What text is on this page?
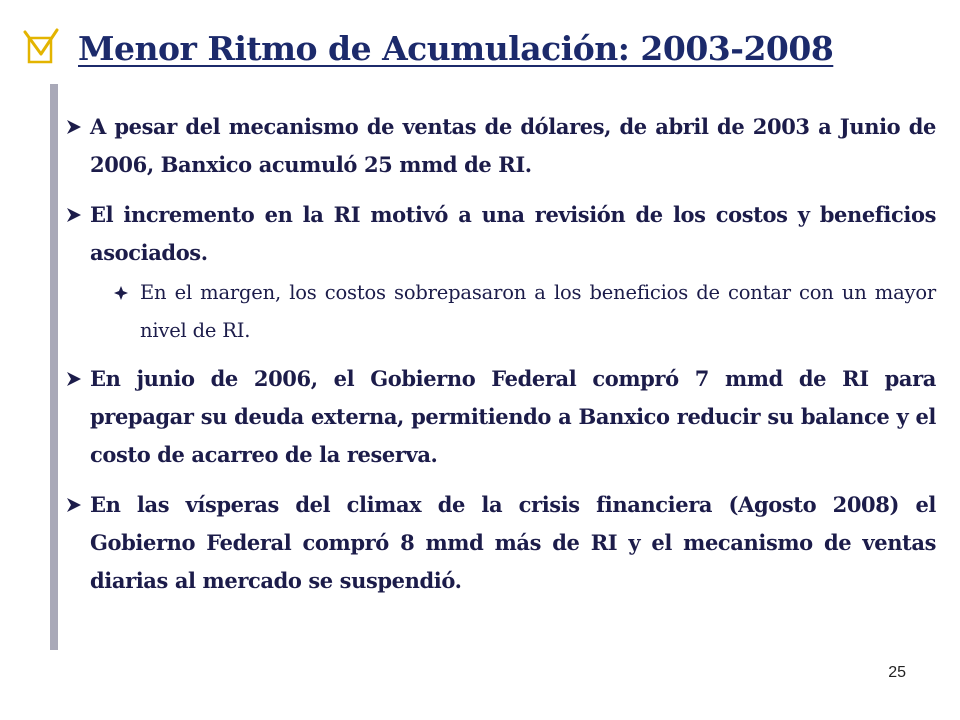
Menor Ritmo de Acumulación: 2003-2008
A pesar del mecanismo de ventas de dólares, de abril de 2003 a Junio de 2006, Banxico acumuló 25 mmd de RI.
El incremento en la RI motivó a una revisión de los costos y beneficios asociados.
En el margen, los costos sobrepasaron a los beneficios de contar con un mayor nivel de RI.
En junio de 2006, el Gobierno Federal compró 7 mmd de RI para prepagar su deuda externa, permitiendo a Banxico reducir su balance y el costo de acarreo de la reserva.
En las vísperas del climax de la crisis financiera (Agosto 2008) el Gobierno Federal compró 8 mmd más de RI y el mecanismo de ventas diarias al mercado se suspendió.
25
